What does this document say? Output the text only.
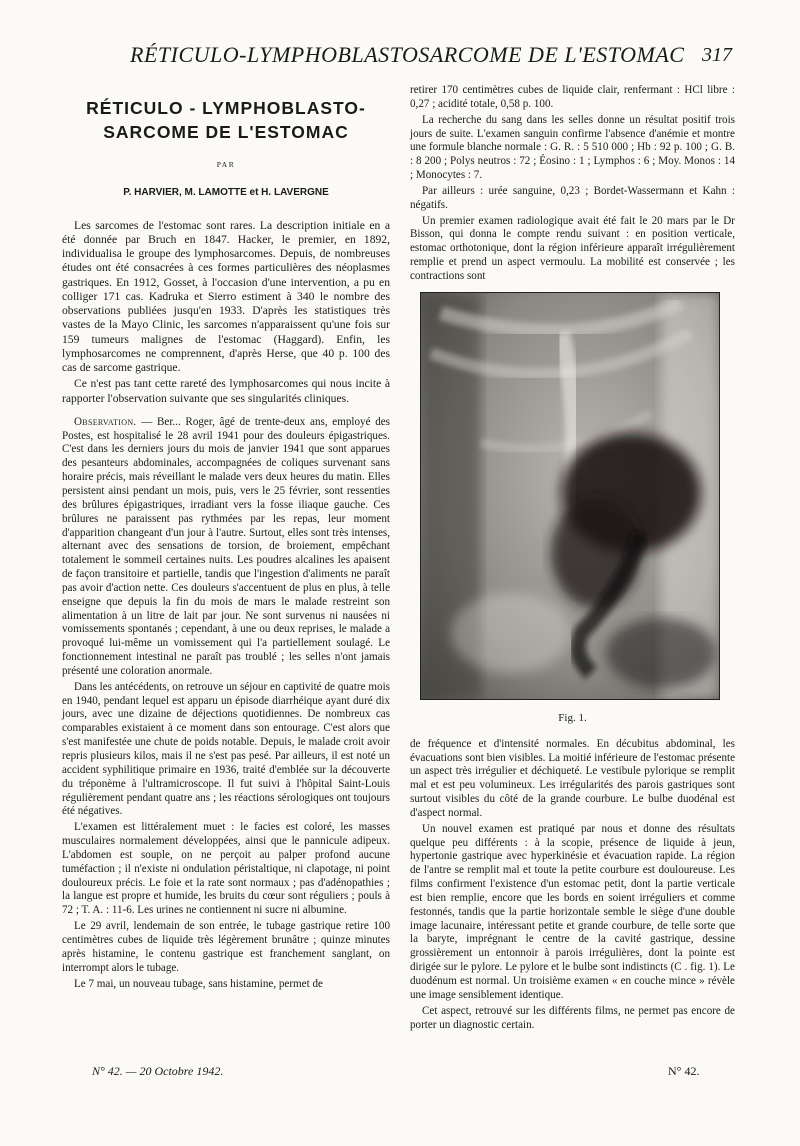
RÉTICULO-LYMPHOBLASTOSARCOME DE L'ESTOMAC 317
RÉTICULO - LYMPHOBLASTO-
SARCOME DE L'ESTOMAC
PAR
P. HARVIER, M. LAMOTTE et H. LAVERGNE

Les sarcomes de l'estomac sont rares. La description initiale en a été donnée par Bruch en 1847. Hacker, le premier, en 1892, individualisa le groupe des lymphosarcomes. Depuis, de nombreuses études ont été consacrées à ces formes particulières des néoplasmes gastriques. En 1912, Gosset, à l'occasion d'une intervention, a pu en colliger 171 cas. Kadruka et Sierro estiment à 340 le nombre des observations publiées jusqu'en 1933. D'après les statistiques très vastes de la Mayo Clinic, les sarcomes n'apparaissent qu'une fois sur 159 tumeurs malignes de l'estomac (Haggard). Enfin, les lymphosarcomes ne comprennent, d'après Herse, que 40 p. 100 des cas de sarcome gastrique.

Ce n'est pas tant cette rareté des lymphosarcomes qui nous incite à rapporter l'observation suivante que ses singularités cliniques.

Observation. — Ber... Roger, âgé de trente-deux ans, employé des Postes, est hospitalisé le 28 avril 1941 pour des douleurs épigastriques. C'est dans les derniers jours du mois de janvier 1941 que sont apparues des pesanteurs abdominales, accompagnées de coliques survenant sans horaire précis, mais réveillant le malade vers deux heures du matin. Elles persistent ainsi pendant un mois, puis, vers le 25 février, sont ressenties des brûlures épigastriques, irradiant vers la fosse iliaque gauche. Ces brûlures ne paraissent pas rythmées par les repas, leur moment d'apparition changeant d'un jour à l'autre. Surtout, elles sont très intenses, alternant avec des sensations de torsion, de broiement, empêchant totalement le sommeil certaines nuits. Les poudres alcalines les apaisent de façon transitoire et partielle, tandis que l'ingestion d'aliments ne paraît pas avoir d'action nette. Ces douleurs s'accentuent de plus en plus, à telle enseigne que depuis la fin du mois de mars le malade restreint son alimentation à un litre de lait par jour. Ne sont survenus ni nausées ni vomissements spontanés ; cependant, à une ou deux reprises, le malade a provoqué lui-même un vomissement qui l'a partiellement soulagé. Le fonctionnement intestinal ne paraît pas troublé ; les selles n'ont jamais présenté une coloration anormale.

Dans les antécédents, on retrouve un séjour en captivité de quatre mois en 1940, pendant lequel est apparu un épisode diarrhéique ayant duré dix jours, avec une dizaine de déjections quotidiennes. De nombreux cas comparables existaient à ce moment dans son entourage. C'est alors que s'est manifestée une chute de poids notable. Depuis, le malade croit avoir repris plusieurs kilos, mais il ne s'est pas pesé. Par ailleurs, il est noté un accident syphilitique primaire en 1936, traité d'emblée sur la découverte du tréponème à l'ultramicroscope. Il fut suivi à l'hôpital Saint-Louis régulièrement pendant quatre ans ; les réactions sérologiques ont toujours été négatives.

L'examen est littéralement muet : le facies est coloré, les masses musculaires normalement développées, ainsi que le pannicule adipeux. L'abdomen est souple, on ne perçoit au palper profond aucune tuméfaction ; il n'existe ni ondulation péristaltique, ni clapotage, ni point douloureux précis. Le foie et la rate sont normaux ; pas d'adénopathies ; la langue est propre et humide, les bruits du cœur sont réguliers ; pouls à 72 ; T. A. : 11-6. Les urines ne contiennent ni sucre ni albumine.

Le 29 avril, lendemain de son entrée, le tubage gastrique retire 100 centimètres cubes de liquide très légèrement brunâtre ; quinze minutes après histamine, le contenu gastrique est franchement sanglant, on interrompt alors le tubage.

Le 7 mai, un nouveau tubage, sans histamine, permet de

retirer 170 centimètres cubes de liquide clair, renfermant : HCl libre : 0,27 ; acidité totale, 0,58 p. 100.

La recherche du sang dans les selles donne un résultat positif trois jours de suite. L'examen sanguin confirme l'absence d'anémie et montre une formule blanche normale : G. R. : 5 510 000 ; Hb : 92 p. 100 ; G. B. : 8 200 ; Polys neutros : 72 ; Éosino : 1 ; Lymphos : 6 ; Moy. Monos : 14 ; Monocytes : 7.

Par ailleurs : urée sanguine, 0,23 ; Bordet-Wassermann et Kahn : négatifs.

Un premier examen radiologique avait été fait le 20 mars par le Dr Bisson, qui donna le compte rendu suivant : en position verticale, estomac orthotonique, dont la région inférieure apparaît irrégulièrement remplie et prend un aspect vermoulu. La mobilité est conservée ; les contractions sont

Fig. 1.

de fréquence et d'intensité normales. En décubitus abdominal, les évacuations sont bien visibles. La moitié inférieure de l'estomac présente un aspect très irrégulier et déchiqueté. Le vestibule pylorique se remplit mal et est peu volumineux. Les irrégularités des parois gastriques sont surtout visibles du côté de la grande courbure. Le bulbe duodénal est d'aspect normal.

Un nouvel examen est pratiqué par nous et donne des résultats quelque peu différents : à la scopie, présence de liquide à jeun, hypertonie gastrique avec hyperkinésie et évacuation rapide. La région de l'antre se remplit mal et toute la petite courbure est douloureuse. Les films confirment l'existence d'un estomac petit, dont la partie verticale est bien remplie, encore que les bords en soient irréguliers et comme festonnés, tandis que la partie horizontale semble le siège d'une double image lacunaire, intéressant petite et grande courbure, de telle sorte que la baryte, imprégnant le centre de la cavité gastrique, dessine grossièrement un entonnoir à parois irrégulières, dont la pointe est dirigée sur le pylore. Le pylore et le bulbe sont indistincts (C . fig. 1). Le duodénum est normal. Un troisième examen « en couche mince » révèle une image sensiblement identique.

Cet aspect, retrouvé sur les différents films, ne permet pas encore de porter un diagnostic certain.

N° 42. — 20 Octobre 1942.	N° 42.
